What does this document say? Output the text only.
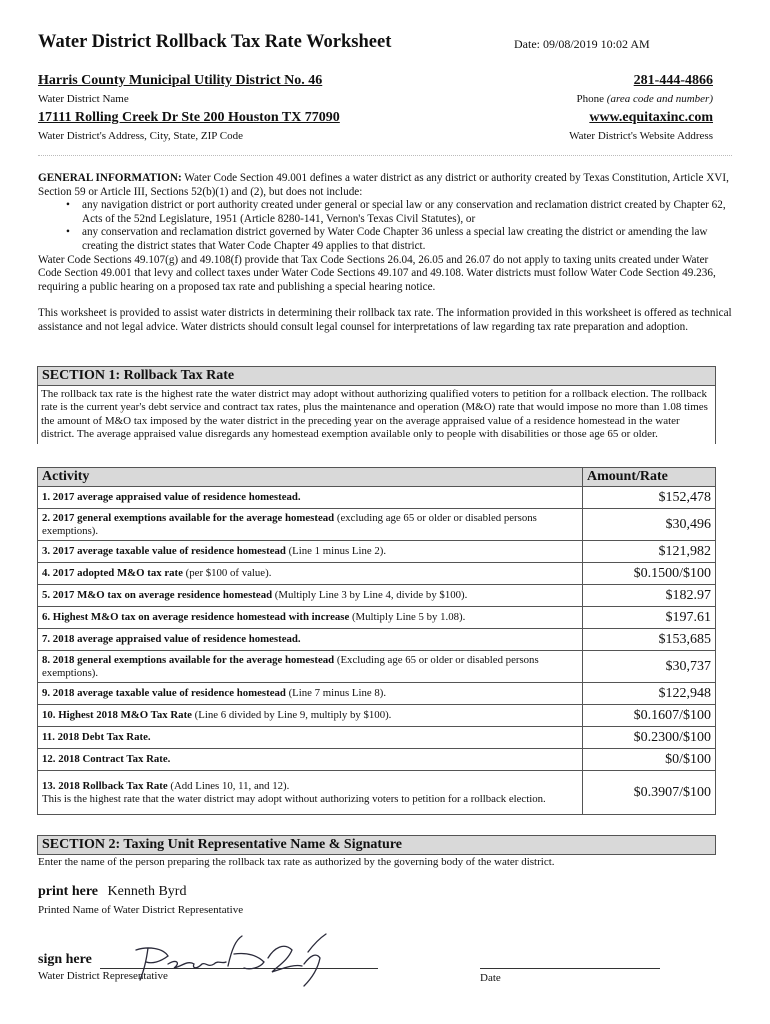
Water District Rollback Tax Rate Worksheet	Date: 09/08/2019 10:02 AM
Harris County Municipal Utility District No. 46
Water District Name
17111 Rolling Creek Dr Ste 200 Houston TX 77090
Water District's Address, City, State, ZIP Code
281-444-4866
Phone (area code and number)
www.equitaxinc.com
Water District's Website Address

GENERAL INFORMATION: Water Code Section 49.001 defines a water district as any district or authority created by Texas Constitution, Article XVI, Section 59 or Article III, Sections 52(b)(1) and (2), but does not include:

• any navigation district or port authority created under general or special law or any conservation and reclamation district created by Chapter 62, Acts of the 52nd Legislature, 1951 (Article 8280-141, Vernon's Texas Civil Statutes), or
• any conservation and reclamation district governed by Water Code Chapter 36 unless a special law creating the district or amending the law creating the district states that Water Code Chapter 49 applies to that district.

Water Code Sections 49.107(g) and 49.108(f) provide that Tax Code Sections 26.04, 26.05 and 26.07 do not apply to taxing units created under Water Code Section 49.001 that levy and collect taxes under Water Code Sections 49.107 and 49.108. Water districts must follow Water Code Section 49.236, requiring a public hearing on a proposed tax rate and publishing a special hearing notice.

This worksheet is provided to assist water districts in determining their rollback tax rate. The information provided in this worksheet is offered as technical assistance and not legal advice. Water districts should consult legal counsel for interpretations of law regarding tax rate preparation and adoption.

SECTION 1: Rollback Tax Rate
The rollback tax rate is the highest rate the water district may adopt without authorizing qualified voters to petition for a rollback election. The rollback rate is the current year's debt service and contract tax rates, plus the maintenance and operation (M&O) rate that would impose no more than 1.08 times the amount of M&O tax imposed by the water district in the preceding year on the average appraised value of a residence homestead in the water district. The average appraised value disregards any homestead exemption available only to people with disabilities or those age 65 or older.
Activity	Amount/Rate
1. 2017 average appraised value of residence homestead.	$152,478
2. 2017 general exemptions available for the average homestead (excluding age 65 or older or disabled persons exemptions).	$30,496
3. 2017 average taxable value of residence homestead (Line 1 minus Line 2).	$121,982
4. 2017 adopted M&O tax rate (per $100 of value).	$0.1500/$100
5. 2017 M&O tax on average residence homestead (Multiply Line 3 by Line 4, divide by $100).	$182.97
6. Highest M&O tax on average residence homestead with increase (Multiply Line 5 by 1.08).	$197.61
7. 2018 average appraised value of residence homestead.	$153,685
8. 2018 general exemptions available for the average homestead (Excluding age 65 or older or disabled persons exemptions).	$30,737
9. 2018 average taxable value of residence homestead (Line 7 minus Line 8).	$122,948
10. Highest 2018 M&O Tax Rate (Line 6 divided by Line 9, multiply by $100).	$0.1607/$100
11. 2018 Debt Tax Rate.	$0.2300/$100
12. 2018 Contract Tax Rate.	$0/$100
13. 2018 Rollback Tax Rate (Add Lines 10, 11, and 12).
This is the highest rate that the water district may adopt without authorizing voters to petition for a rollback election.	$0.3907/$100
SECTION 2: Taxing Unit Representative Name & Signature
Enter the name of the person preparing the rollback tax rate as authorized by the governing body of the water district.
print here Kenneth Byrd
Printed Name of Water District Representative
sign here
Water District Representative	Date
